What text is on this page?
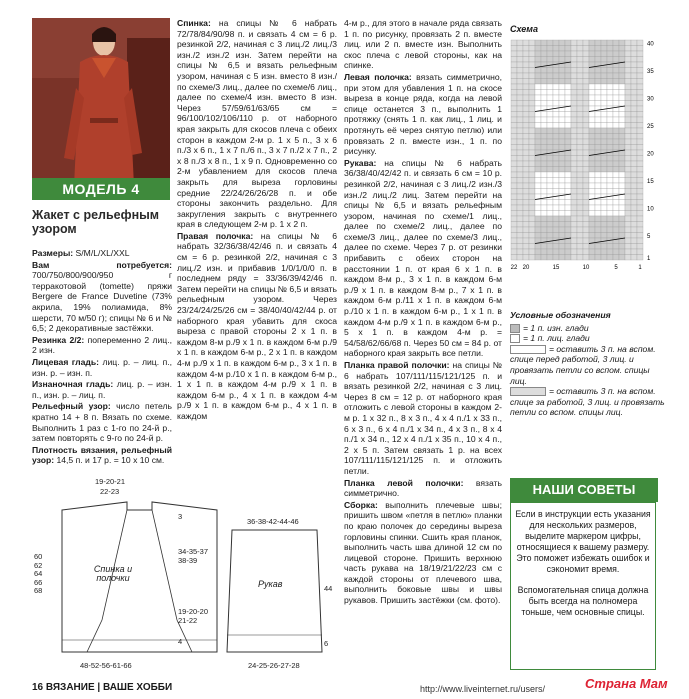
МОДЕЛЬ 4
Жакет с рельефным узором

Размеры: S/M/L/XL/XXL

Вам потребуется: 700/750/800/900/950 г терракотовой (tomette) пряжи Bergere de France Duvetine (73% акрила, 19% полиамида, 8% шерсти, 70 м/50 г); спицы № 6 и № 6,5; 2 декоративные застёжки.

Резинка 2/2: попеременно 2 лиц., 2 изн.

Лицевая гладь: лиц. р. – лиц. п., изн. р. – изн. п.

Изнаночная гладь: лиц. р. – изн. п., изн. р. – лиц. п.

Рельефный узор: число петель кратно 14 + 8 п. Вязать по схеме. Выполнить 1 раз с 1-го по 24-й р., затем повторять с 9-го по 24-й р.

Плотность вязания, рельефный узор: 14,5 п. и 17 р. = 10 х 10 см.

Спинка: на спицы № 6 набрать 72/78/84/90/98 п. и связать 4 см = 6 р. резинкой 2/2, начиная с 3 лиц./2 лиц./3 изн./2 изн./2 изн. Затем перейти на спицы № 6,5 и вязать рельефным узором, начиная с 5 изн. вместо 8 изн./по схеме/3 лиц., далее по схеме/6 лиц., далее по схеме/4 изн. вместо 8 изн. Через 57/59/61/63/65 см = 96/100/102/106/110 р. от наборного края закрыть для скосов плеча с обеих сторон в каждом 2-м р. 1 х 5 п., 3 х 6 п./3 х 6 п., 1 х 7 п./6 п., 3 х 7 п./2 х 7 п., 2 х 8 п./3 х 8 п., 1 х 9 п. Одновременно со 2-м убавлением для скосов плеча закрыть для выреза горловины средние 22/24/26/26/28 п. и обе стороны закончить раздельно. Для закругления закрыть с внутреннего края в следующем 2-м р. 1 х 2 п.

Правая полочка: на спицы № 6 набрать 32/36/38/42/46 п. и связать 4 см = 6 р. резинкой 2/2, начиная с 3 лиц./2 изн. и прибавив 1/0/1/0/0 п. в последнем ряду = 33/36/39/42/46 п. Затем перейти на спицы № 6,5 и вязать рельефным узором. Через 23/24/24/25/26 см = 38/40/40/42/44 р. от наборного края убавить для скоса выреза с правой стороны 2 х 1 п. в каждом 8-м р./9 х 1 п. в каждом 6-м р./9 х 1 п. в каждом 6-м р., 2 х 1 п. в каждом 4-м р./9 х 1 п. в каждом 6-м р., 3 х 1 п. в каждом 4-м р./10 х 1 п. в каждом 6-м р., 1 х 1 п. в каждом 4-м р./9 х 1 п. в каждом 6-м р., 4 х 1 п. в каждом 4-м р./9 х 1 п. в каждом 6-м р., 4 х 1 п. в каждом

4-м р., для этого в начале ряда связать 1 п. по рисунку, провязать 2 п. вместе лиц. или 2 п. вместе изн. Выполнить скос плеча с левой стороны, как на спинке.

Левая полочка: вязать симметрично, при этом для убавления 1 п. на скосе выреза в конце ряда, когда на левой спице останется 3 п., выполнить 1 протяжку (снять 1 п. как лиц., 1 лиц. и протянуть её через снятую петлю) или провязать 2 п. вместе изн., 1 п. по рисунку.

Рукава: на спицы № 6 набрать 36/38/40/42/42 п. и связать 6 см = 10 р. резинкой 2/2, начиная с 3 лиц./2 изн./3 изн./2 лиц./2 лиц. Затем перейти на спицы № 6,5 и вязать рельефным узором, начиная по схеме/1 лиц., далее по схеме/2 лиц., далее по схеме/3 лиц., далее по схеме/3 лиц., далее по схеме. Через 7 р. от резинки прибавить с обеих сторон на расстоянии 1 п. от края 6 х 1 п. в каждом 8-м р., 3 х 1 п. в каждом 6-м р./9 х 1 п. в каждом 8-м р., 7 х 1 п. в каждом 6-м р./11 х 1 п. в каждом 6-м р./10 х 1 п. в каждом 6-м р., 1 х 1 п. в каждом 4-м р./9 х 1 п. в каждом 6-м р., 5 х 1 п. в каждом 4-м р. = 54/58/62/66/68 п. Через 50 см = 84 р. от наборного края закрыть все петли.

Планка правой полочки: на спицы № 6 набрать 107/111/115/121/125 п. и вязать резинкой 2/2, начиная с 3 лиц. Через 8 см = 12 р. от наборного края отложить с левой стороны в каждом 2-м р. 1 х 32 п., 8 х 3 п., 4 х 4 п./1 х 33 п., 6 х 3 п., 6 х 4 п./1 х 34 п., 4 х 3 п., 8 х 4 п./1 х 34 п., 12 х 4 п./1 х 35 п., 10 х 4 п., 2 х 5 п. Затем связать 1 р. на всех 107/111/115/121/125 п. и отложить петли.

Планка левой полочки: вязать симметрично.

Сборка: выполнить плечевые швы; пришить швом «петля в петлю» планки по краю полочек до середины выреза горловины спинки. Сшить края планок, выполнить часть шва длиной 12 см по лицевой стороне. Пришить верхнюю часть рукава на 18/19/21/22/23 см с каждой стороны от плечевого шва, выполнить боковые швы и швы рукавов. Пришить застёжки (см. фото).

Схема
22 20	15	10	5	1
40
35
30
25
20
15
10
5
1
Условные обозначения
= 1 п. изн. глади
= 1 п. лиц. глади
= оставить 3 п. на вспом. спице перед работой, 3 лиц. и провязать петли со вспом. спицы лиц.
= оставить 3 п. на вспом. спице за работой, 3 лиц. и провязать петли со вспом. спицы лиц.
НАШИ СОВЕТЫ

Если в инструкции есть указания для нескольких размеров, выделите маркером цифры, относящиеся к вашему размеру. Это поможет избежать ошибок и сэкономит время.

Вспомогательная спица должна быть всегда на полномера тоньше, чем основные спицы.

19-20-21
22-23
60
62
64
66
68
3
34-35-37
38-39
19-20-20
21-22
4
48-52-56-61-66
Спинка и полочки
36-38-42-44-46
Рукав	44
6
24-25-26-27-28
16 ВЯЗАНИЕ | ВАШЕ ХОББИ	http://www.liveinternet.ru/users/	Страна Мам
